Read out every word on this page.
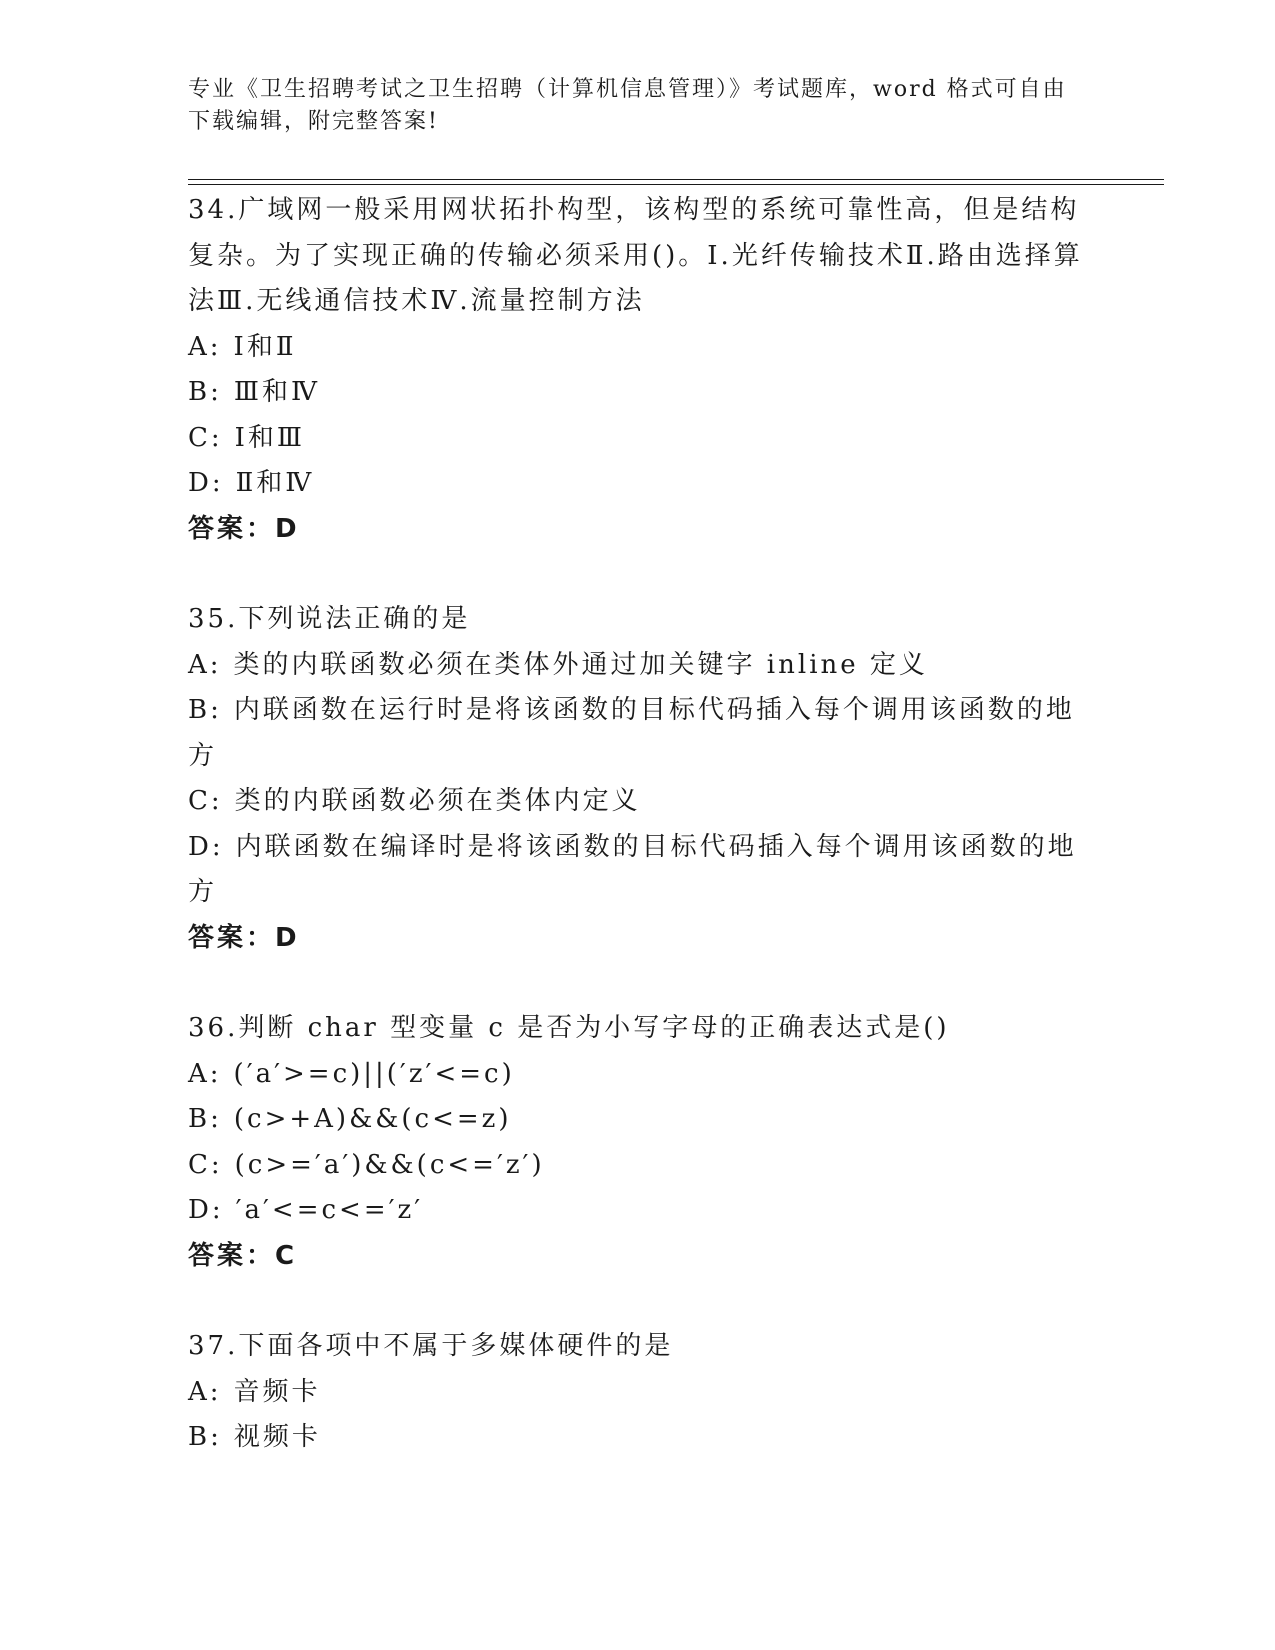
专业《卫生招聘考试之卫生招聘（计算机信息管理）》考试题库，word 格式可自由下载编辑，附完整答案!

34.广域网一般采用网状拓扑构型，该构型的系统可靠性高，但是结构复杂。为了实现正确的传输必须采用()。Ⅰ.光纤传输技术Ⅱ.路由选择算法Ⅲ.无线通信技术Ⅳ.流量控制方法

A: Ⅰ和Ⅱ

B: Ⅲ和Ⅳ

C: Ⅰ和Ⅲ

D: Ⅱ和Ⅳ

答案：D

35.下列说法正确的是

A: 类的内联函数必须在类体外通过加关键字 inline 定义

B: 内联函数在运行时是将该函数的目标代码插入每个调用该函数的地方

C: 类的内联函数必须在类体内定义

D: 内联函数在编译时是将该函数的目标代码插入每个调用该函数的地方

答案：D

36.判断 char 型变量 c 是否为小写字母的正确表达式是()

A: (′a′>=c)||(′z′<=c)

B: (c>+A)&&(c<=z)

C: (c>=′a′)&&(c<=′z′)

D: ′a′<=c<=′z′

答案：C

37.下面各项中不属于多媒体硬件的是

A: 音频卡

B: 视频卡
